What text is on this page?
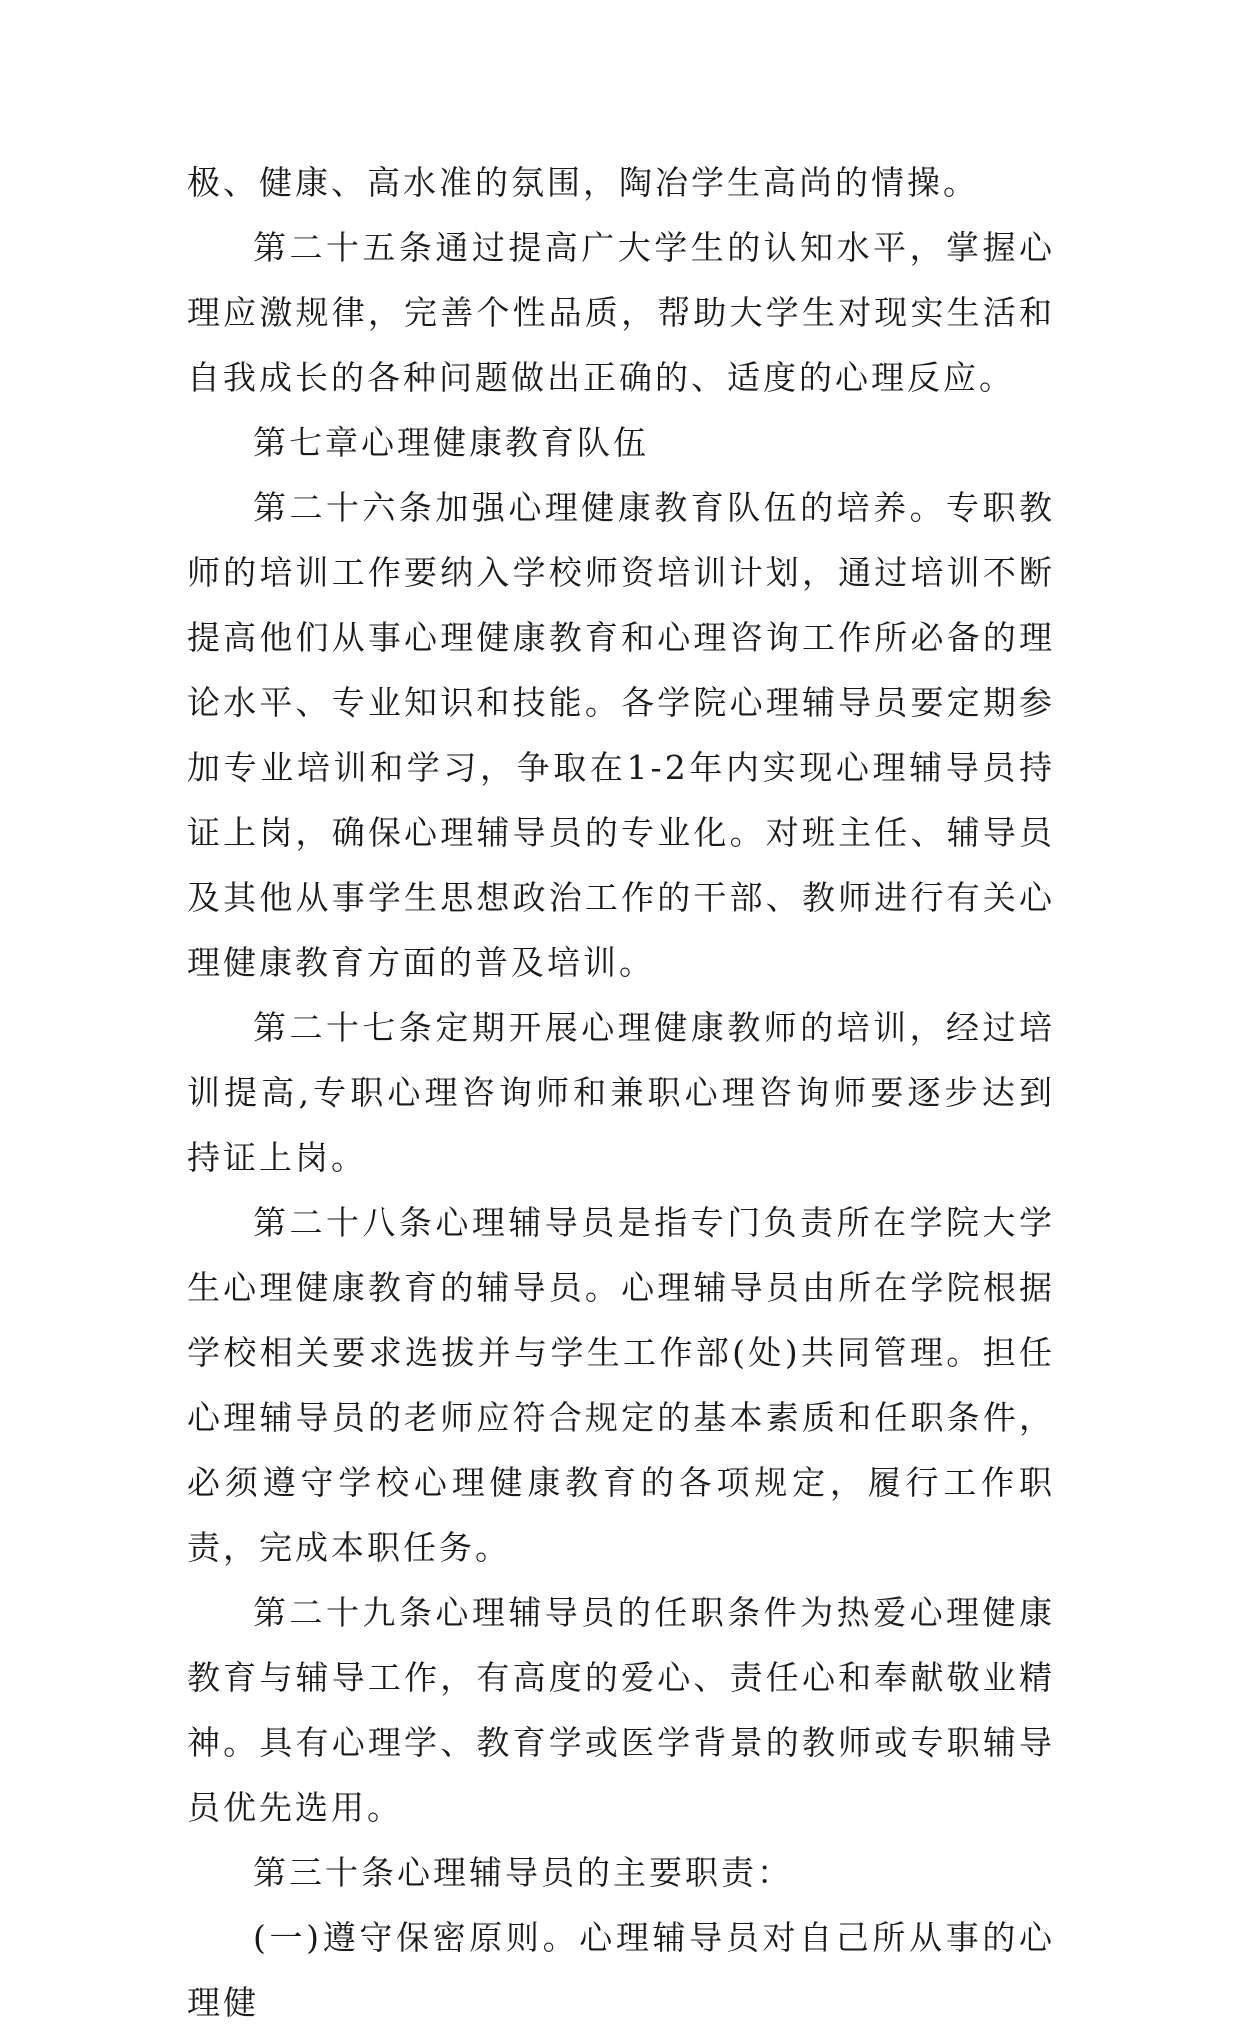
极、健康、高水准的氛围，陶冶学生高尚的情操。

第二十五条通过提高广大学生的认知水平，掌握心理应激规律，完善个性品质，帮助大学生对现实生活和自我成长的各种问题做出正确的、适度的心理反应。

第七章心理健康教育队伍

第二十六条加强心理健康教育队伍的培养。专职教师的培训工作要纳入学校师资培训计划，通过培训不断提高他们从事心理健康教育和心理咨询工作所必备的理论水平、专业知识和技能。各学院心理辅导员要定期参加专业培训和学习，争取在1-2年内实现心理辅导员持证上岗，确保心理辅导员的专业化。对班主任、辅导员及其他从事学生思想政治工作的干部、教师进行有关心理健康教育方面的普及培训。

第二十七条定期开展心理健康教师的培训，经过培训提高,专职心理咨询师和兼职心理咨询师要逐步达到持证上岗。

第二十八条心理辅导员是指专门负责所在学院大学生心理健康教育的辅导员。心理辅导员由所在学院根据学校相关要求选拔并与学生工作部(处)共同管理。担任心理辅导员的老师应符合规定的基本素质和任职条件，必须遵守学校心理健康教育的各项规定，履行工作职责，完成本职任务。

第二十九条心理辅导员的任职条件为热爱心理健康教育与辅导工作，有高度的爱心、责任心和奉献敬业精神。具有心理学、教育学或医学背景的教师或专职辅导员优先选用。

第三十条心理辅导员的主要职责：

(一)遵守保密原则。心理辅导员对自己所从事的心理健
